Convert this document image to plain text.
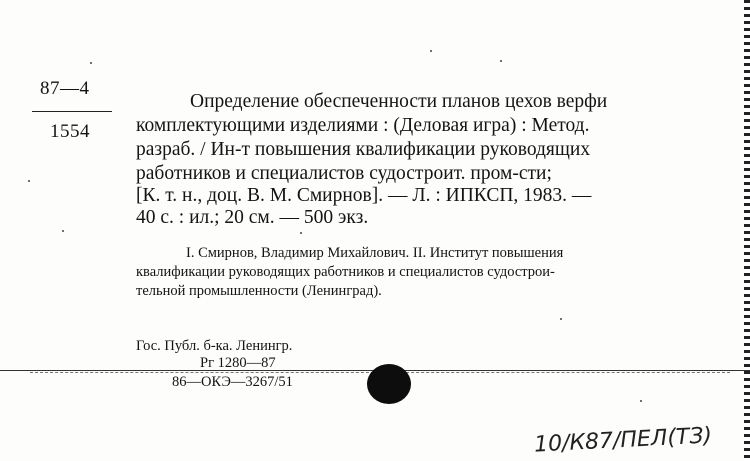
87—4
1554
Определение обеспеченности планов цехов верфи
комплектующими изделиями : (Деловая игра) : Метод.
разраб. / Ин-т повышения квалификации руководящих
работников и специалистов судостроит. пром-сти;
[К. т. н., доц. В. М. Смирнов]. — Л. : ИПКСП, 1983. —
40 с. : ил.; 20 см. — 500 экз.
I. Смирнов, Владимир Михайлович. II. Институт повышения
квалификации руководящих работников и специалистов судострои-
тельной промышленности (Ленинград).
Гос. Публ. б-ка. Ленингр.
Рг 1280—87
86—ОКЭ—3267/51
10/К87/ПЕЛ(ТЗ)
